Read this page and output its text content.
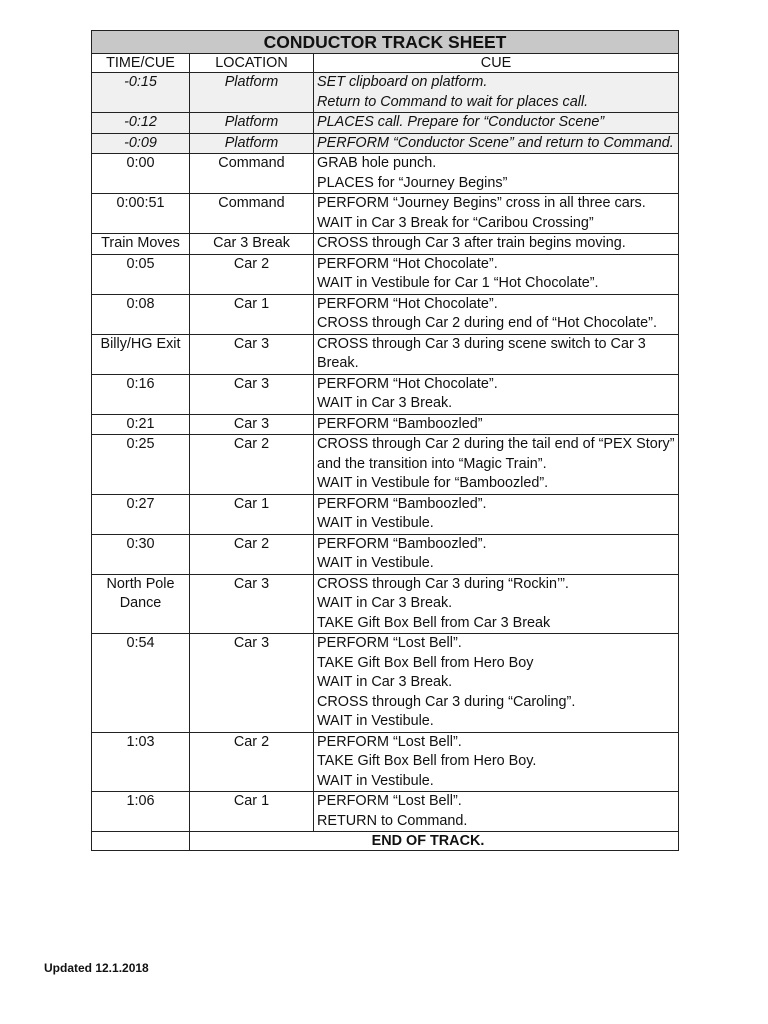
CONDUCTOR TRACK SHEET		
TIME/CUE	LOCATION	CUE
-0:15	Platform	SET clipboard on platform.
Return to Command to wait for places call.

-0:12	Platform	PLACES call. Prepare for “Conductor Scene”

-0:09	Platform	PERFORM “Conductor Scene” and return to Command.

0:00	Command	GRAB hole punch.
PLACES for “Journey Begins”

0:00:51	Command	PERFORM “Journey Begins” cross in all three cars.
WAIT in Car 3 Break for “Caribou Crossing”

Train Moves	Car 3 Break	CROSS through Car 3 after train begins moving.

0:05	Car 2	PERFORM “Hot Chocolate”.
WAIT in Vestibule for Car 1 “Hot Chocolate”.

0:08	Car 1	PERFORM “Hot Chocolate”.
CROSS through Car 2 during end of “Hot Chocolate”.

Billy/HG Exit	Car 3	CROSS through Car 3 during scene switch to Car 3 Break.

0:16	Car 3	PERFORM “Hot Chocolate”.
WAIT in Car 3 Break.

0:21	Car 3	PERFORM “Bamboozled”

0:25	Car 2	CROSS through Car 2 during the tail end of “PEX Story” and the transition into “Magic Train”.
WAIT in Vestibule for “Bamboozled”.

0:27	Car 1	PERFORM “Bamboozled”.
WAIT in Vestibule.

0:30	Car 2	PERFORM “Bamboozled”.
WAIT in Vestibule.

North Pole Dance	Car 3	CROSS through Car 3 during “Rockin’”.
WAIT in Car 3 Break.
TAKE Gift Box Bell from Car 3 Break

0:54	Car 3	PERFORM “Lost Bell”.
TAKE Gift Box Bell from Hero Boy
WAIT in Car 3 Break.
CROSS through Car 3 during “Caroling”.
WAIT in Vestibule.

1:03	Car 2	PERFORM “Lost Bell”.
TAKE Gift Box Bell from Hero Boy.
WAIT in Vestibule.

1:06	Car 1	PERFORM “Lost Bell”.
RETURN to Command.

	END OF TRACK.	
Updated 12.1.2018
